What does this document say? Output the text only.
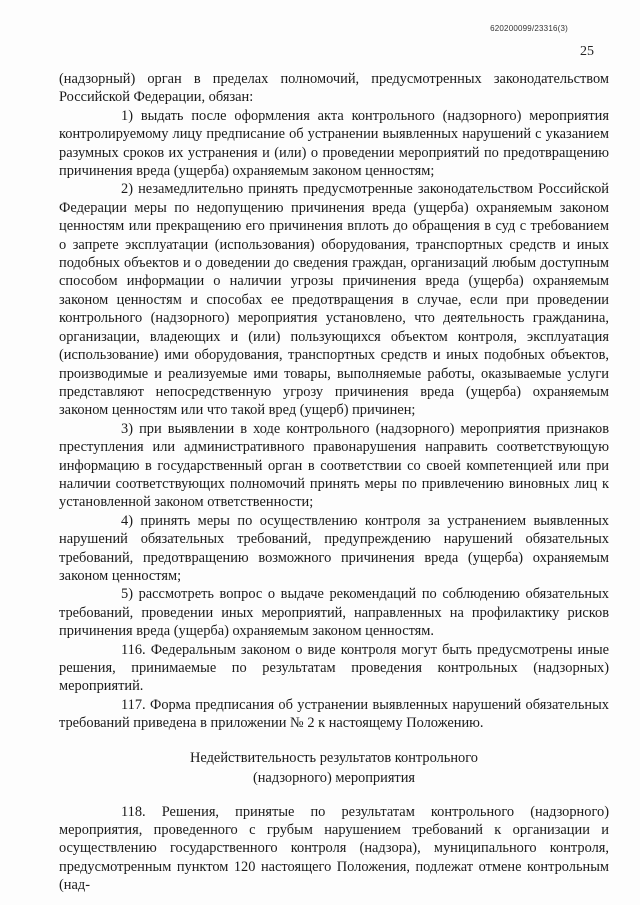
620200099/23316(3)
25

(надзорный) орган в пределах полномочий, предусмотренных законодательством Российской Федерации, обязан:

1) выдать после оформления акта контрольного (надзорного) мероприятия контролируемому лицу предписание об устранении выявленных нарушений с указанием разумных сроков их устранения и (или) о проведении мероприятий по предотвращению причинения вреда (ущерба) охраняемым законом ценностям;

2) незамедлительно принять предусмотренные законодательством Российской Федерации меры по недопущению причинения вреда (ущерба) охраняемым законом ценностям или прекращению его причинения вплоть до обращения в суд с требованием о запрете эксплуатации (использования) оборудования, транспортных средств и иных подобных объектов и о доведении до сведения граждан, организаций любым доступным способом информации о наличии угрозы причинения вреда (ущерба) охраняемым законом ценностям и способах ее предотвращения в случае, если при проведении контрольного (надзорного) мероприятия установлено, что деятельность гражданина, организации, владеющих и (или) пользующихся объектом контроля, эксплуатация (использование) ими оборудования, транспортных средств и иных подобных объектов, производимые и реализуемые ими товары, выполняемые работы, оказываемые услуги представляют непосредственную угрозу причинения вреда (ущерба) охраняемым законом ценностям или что такой вред (ущерб) причинен;

3) при выявлении в ходе контрольного (надзорного) мероприятия признаков преступления или административного правонарушения направить соответствующую информацию в государственный орган в соответствии со своей компетенцией или при наличии соответствующих полномочий принять меры по привлечению виновных лиц к установленной законом ответственности;

4) принять меры по осуществлению контроля за устранением выявленных нарушений обязательных требований, предупреждению нарушений обязательных требований, предотвращению возможного причинения вреда (ущерба) охраняемым законом ценностям;

5) рассмотреть вопрос о выдаче рекомендаций по соблюдению обязательных требований, проведении иных мероприятий, направленных на профилактику рисков причинения вреда (ущерба) охраняемым законом ценностям.

116. Федеральным законом о виде контроля могут быть предусмотрены иные решения, принимаемые по результатам проведения контрольных (надзорных) мероприятий.

117. Форма предписания об устранении выявленных нарушений обязательных требований приведена в приложении № 2 к настоящему Положению.

Недействительность результатов контрольного
(надзорного) мероприятия

118. Решения, принятые по результатам контрольного (надзорного) мероприятия, проведенного с грубым нарушением требований к организации и осуществлению государственного контроля (надзора), муниципального контроля, предусмотренным пунктом 120 настоящего Положения, подлежат отмене контрольным (над-
